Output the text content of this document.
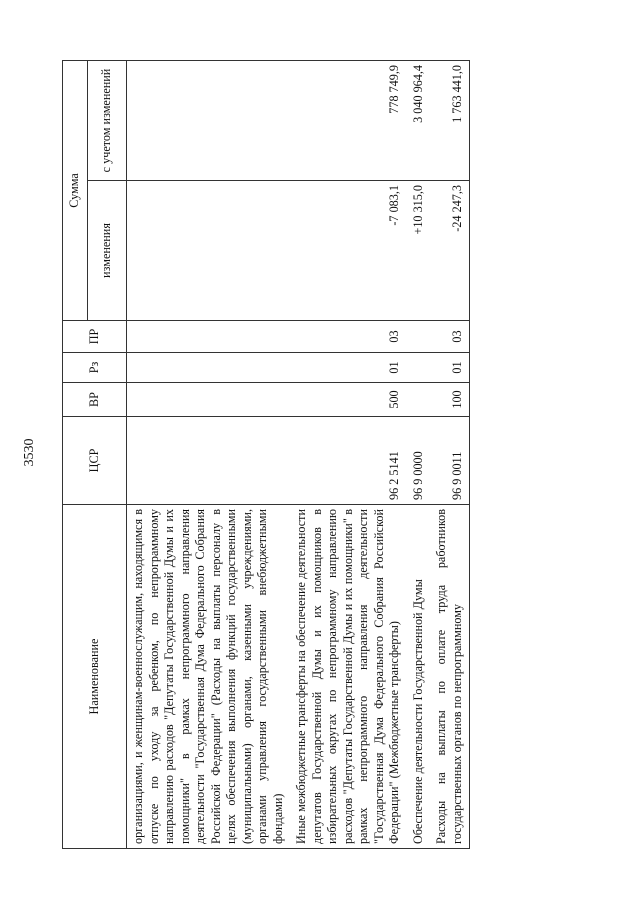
3530
Наименование	ЦСР	ВР	Рз	ПР	Сумма	
					изменения	с учетом изменений
организациями, и женщинам-военнослужащим, находящимся в отпуске по уходу за ребенком, по непрограммному направлению расходов "Депутаты Государственной Думы и их помощники" в рамках непрограммного направления деятельности "Государственная Дума Федерального Собрания Российской Федерации" (Расходы на выплаты персоналу в целях обеспечения выполнения функций государственными (муниципальными) органами, казенными учреждениями, органами управления государственными внебюджетными фондами)						
Иные межбюджетные трансферты на обеспечение деятельности депутатов Государственной Думы и их помощников в избирательных округах по непрограммному направлению расходов "Депутаты Государственной Думы и их помощники" в рамках непрограммного направления деятельности "Государственная Дума Федерального Собрания Российской Федерации" (Межбюджетные трансферты)	96 2 5141	500	01	03	-7 083,1	778 749,9
Обеспечение деятельности Государственной Думы	96 9 0000				+10 315,0	3 040 964,4
Расходы на выплаты по оплате труда работников государственных органов по непрограммному	96 9 0011	100	01	03	-24 247,3	1 763 441,0
